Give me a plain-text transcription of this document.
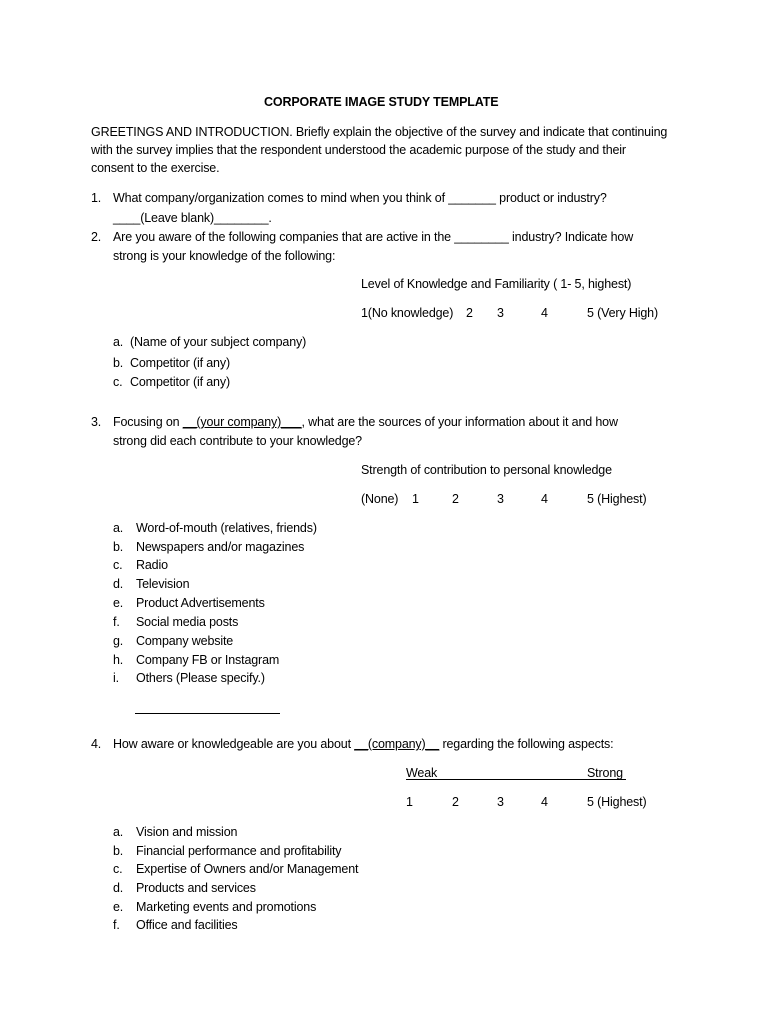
CORPORATE IMAGE STUDY TEMPLATE
GREETINGS AND INTRODUCTION. Briefly explain the objective of the survey and indicate that continuing
with the survey implies that the respondent understood the academic purpose of the study and their
consent to the exercise.
1. What company/organization comes to mind when you think of _______ product or industry?
____(Leave blank)________.
2. Are you aware of the following companies that are active in the ________ industry? Indicate how
strong is your knowledge of the following:
Level of Knowledge and Familiarity ( 1- 5, highest)
1(No knowledge) 2 3	4	5 (Very High)
a. (Name of your subject company)
b. Competitor (if any)
c. Competitor (if any)
3. Focusing on __(your company)___, what are the sources of your information about it and how
strong did each contribute to your knowledge?
Strength of contribution to personal knowledge
(None) 1	2	3	4	5 (Highest)
a. Word-of-mouth (relatives, friends)
b. Newspapers and/or magazines
c. Radio
d. Television
e. Product Advertisements
f. Social media posts
g. Company website
h. Company FB or Instagram
i. Others (Please specify.)
4. How aware or knowledgeable are you about __(company)__ regarding the following aspects:
Weak	Strong
1	2	3	4	5 (Highest)
a. Vision and mission
b. Financial performance and profitability
c. Expertise of Owners and/or Management
d. Products and services
e. Marketing events and promotions
f. Office and facilities
